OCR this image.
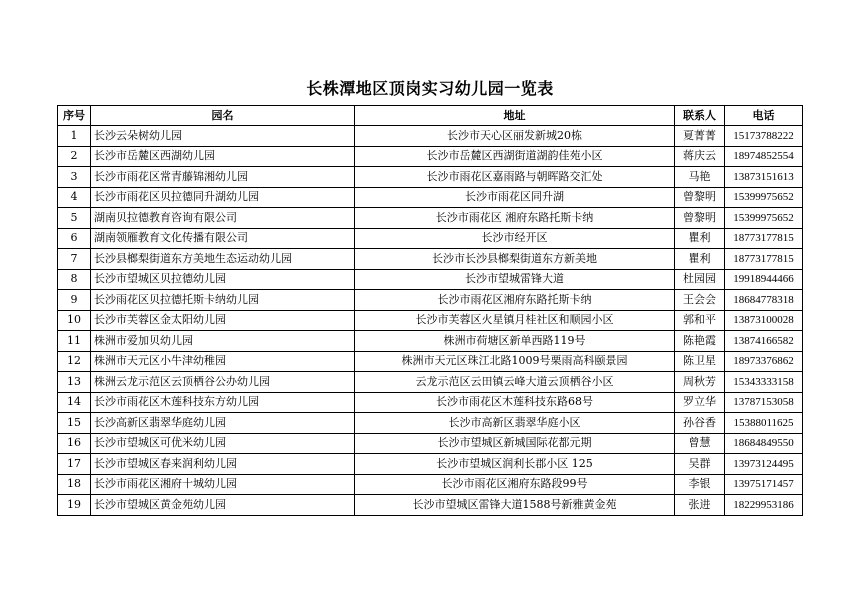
长株潭地区顶岗实习幼儿园一览表
序号	园名	地址	联系人	电话
1	长沙云朵树幼儿园	长沙市天心区丽发新城20栋	夏菁菁	15173788222
2	长沙市岳麓区西湖幼儿园	长沙市岳麓区西湖街道湖韵佳苑小区	蒋庆云	18974852554
3	长沙市雨花区常青藤锦湘幼儿园	长沙市雨花区嘉雨路与朝晖路交汇处	马艳	13873151613
4	长沙市雨花区贝拉德同升湖幼儿园	长沙市雨花区同升湖	曾黎明	15399975652
5	湖南贝拉德教育咨询有限公司	长沙市雨花区 湘府东路托斯卡纳	曾黎明	15399975652
6	湖南领雁教育文化传播有限公司	长沙市经开区	瞿利	18773177815
7	长沙县榔梨街道东方美地生态运动幼儿园	长沙市长沙县榔梨街道东方新美地	瞿利	18773177815
8	长沙市望城区贝拉德幼儿园	长沙市望城雷锋大道	杜园园	19918944466
9	长沙雨花区贝拉德托斯卡纳幼儿园	长沙市雨花区湘府东路托斯卡纳	王会会	18684778318
10	长沙市芙蓉区金太阳幼儿园	长沙市芙蓉区火星镇月桂社区和顺园小区	郭和平	13873100028
11	株洲市爱加贝幼儿园	株洲市荷塘区新单西路119号	陈艳霞	13874166582
12	株洲市天元区小牛津幼稚园	株洲市天元区珠江北路1009号栗雨高科颐景园	陈卫星	18973376862
13	株洲云龙示范区云顶栖谷公办幼儿园	云龙示范区云田镇云峰大道云顶栖谷小区	周秋芳	15343333158
14	长沙市雨花区木莲科技东方幼儿园	长沙市雨花区木莲科技东路68号	罗立华	13787153058
15	长沙高新区翡翠华庭幼儿园	长沙市高新区翡翠华庭小区	孙谷香	15388011625
16	长沙市望城区可优米幼儿园	长沙市望城区新城国际花都元期	曾慧	18684849550
17	长沙市望城区春来润利幼儿园	长沙市望城区润利长郡小区 125	吴群	13973124495
18	长沙市雨花区湘府十城幼儿园	长沙市雨花区湘府东路段99号	李银	13975171457
19	长沙市望城区黄金苑幼儿园	长沙市望城区雷锋大道1588号新雅黄金苑	张进	18229953186
